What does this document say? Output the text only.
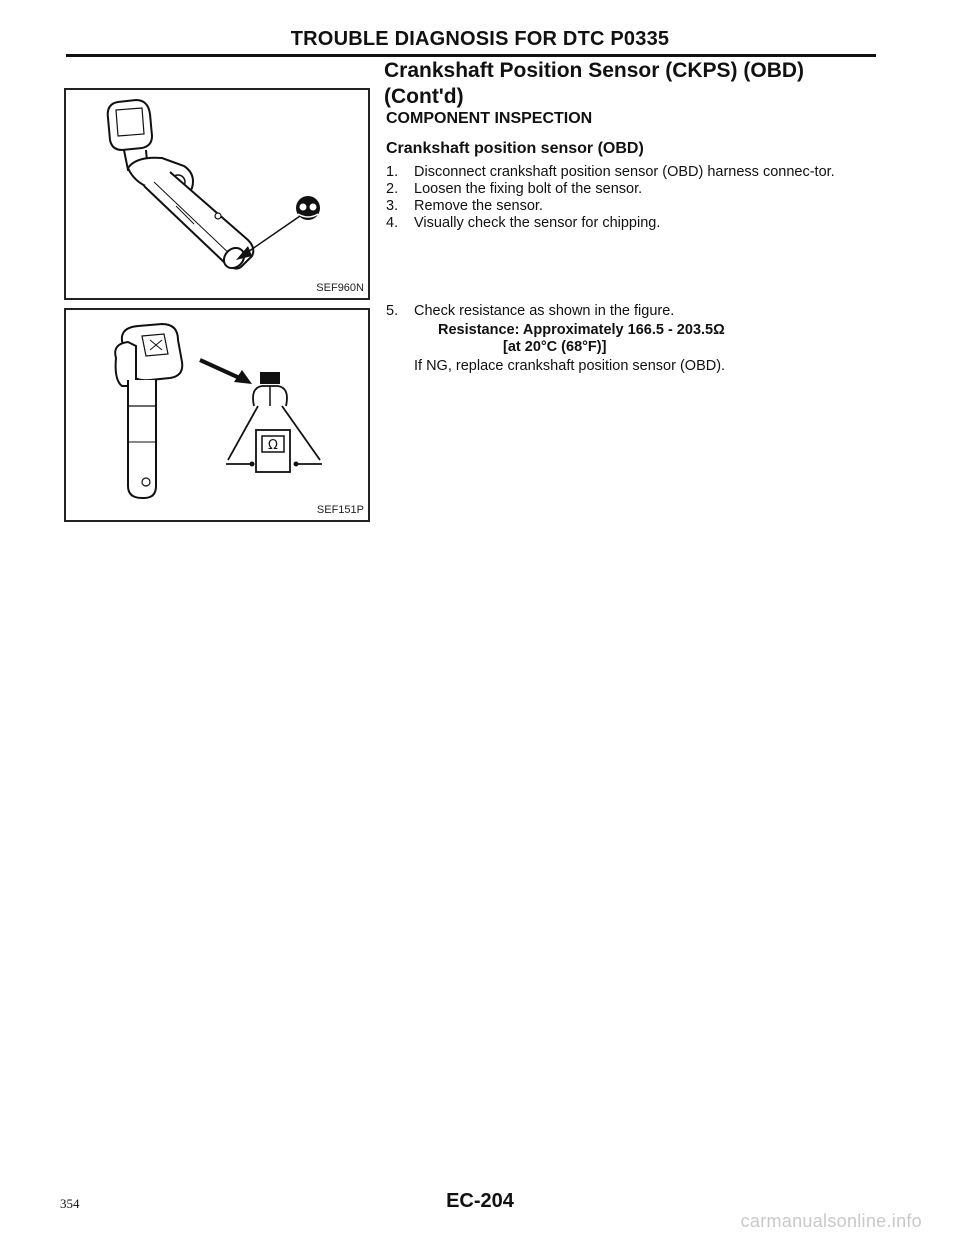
TROUBLE DIAGNOSIS FOR DTC P0335
SEF960N
Ω
SEF151P
Crankshaft Position Sensor (CKPS) (OBD)
(Cont'd)
COMPONENT INSPECTION
Crankshaft position sensor (OBD)
1.	Disconnect crankshaft position sensor (OBD) harness connec-tor.
2.	Loosen the fixing bolt of the sensor.
3.	Remove the sensor.
4.	Visually check the sensor for chipping.
5.	Check resistance as shown in the figure.
Resistance: Approximately 166.5 - 203.5Ω
[at 20°C (68°F)]
If NG, replace crankshaft position sensor (OBD).
354	EC-204
carmanualsonline.info
